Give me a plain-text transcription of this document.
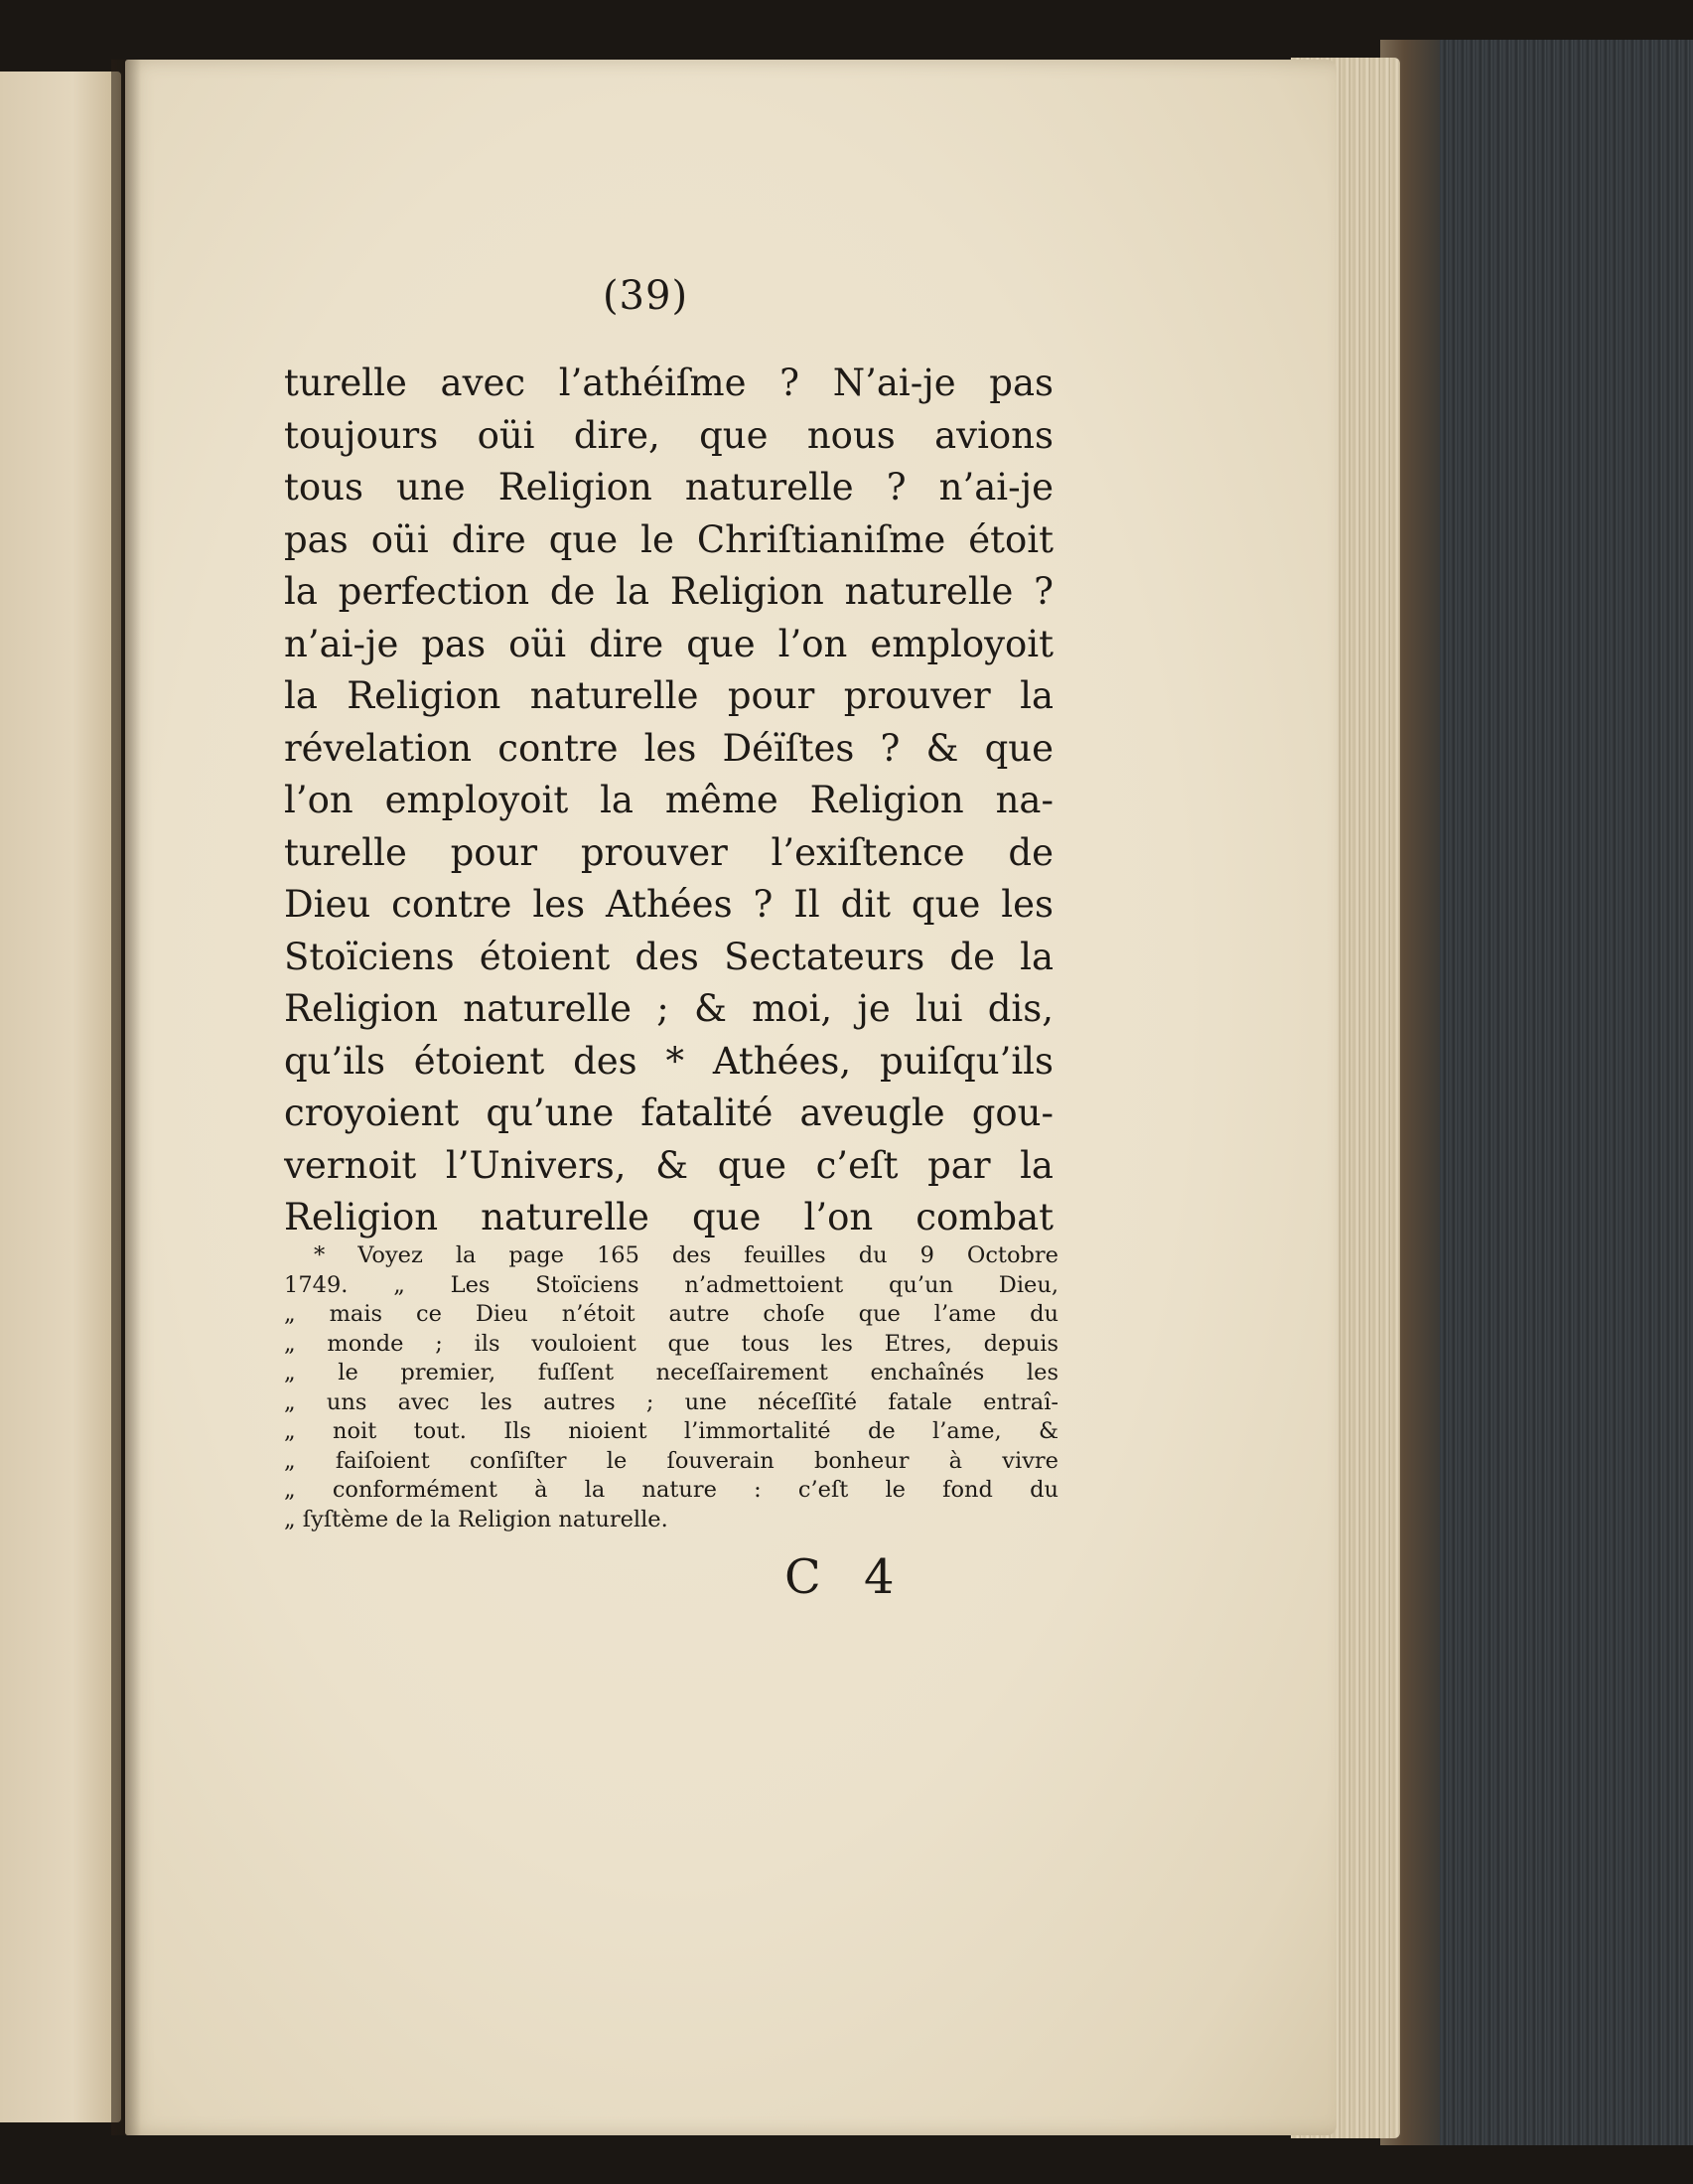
(39)
turelle avec l’athéiſme ? N’ai-je pas
toujours oüi dire, que nous avions
tous une Religion naturelle ? n’ai-je
pas oüi dire que le Chriſtianiſme étoit
la perfection de la Religion naturelle ?
n’ai-je pas oüi dire que l’on employoit
la Religion naturelle pour prouver la
révelation contre les Déïſtes ? & que
l’on employoit la même Religion na-
turelle pour prouver l’exiſtence de
Dieu contre les Athées ? Il dit que les
Stoïciens étoient des Sectateurs de la
Religion naturelle ; & moi, je lui dis,
qu’ils étoient des * Athées, puiſqu’ils
croyoient qu’une fatalité aveugle gou-
vernoit l’Univers, & que c’eſt par la
Religion naturelle que l’on combat
* Voyez la page 165 des feuilles du 9 Octobre
1749. „ Les Stoïciens n’admettoient qu’un Dieu,
„ mais ce Dieu n’étoit autre choſe que l’ame du
„ monde ; ils vouloient que tous les Etres, depuis
„ le premier, fuſſent neceſſairement enchaînés les
„ uns avec les autres ; une néceſſité fatale entraî-
„ noit tout. Ils nioient l’immortalité de l’ame, &
„ faiſoient conſiſter le ſouverain bonheur à vivre
„ conformément à la nature : c’eſt le fond du
„ ſyſtème de la Religion naturelle.
C 4
